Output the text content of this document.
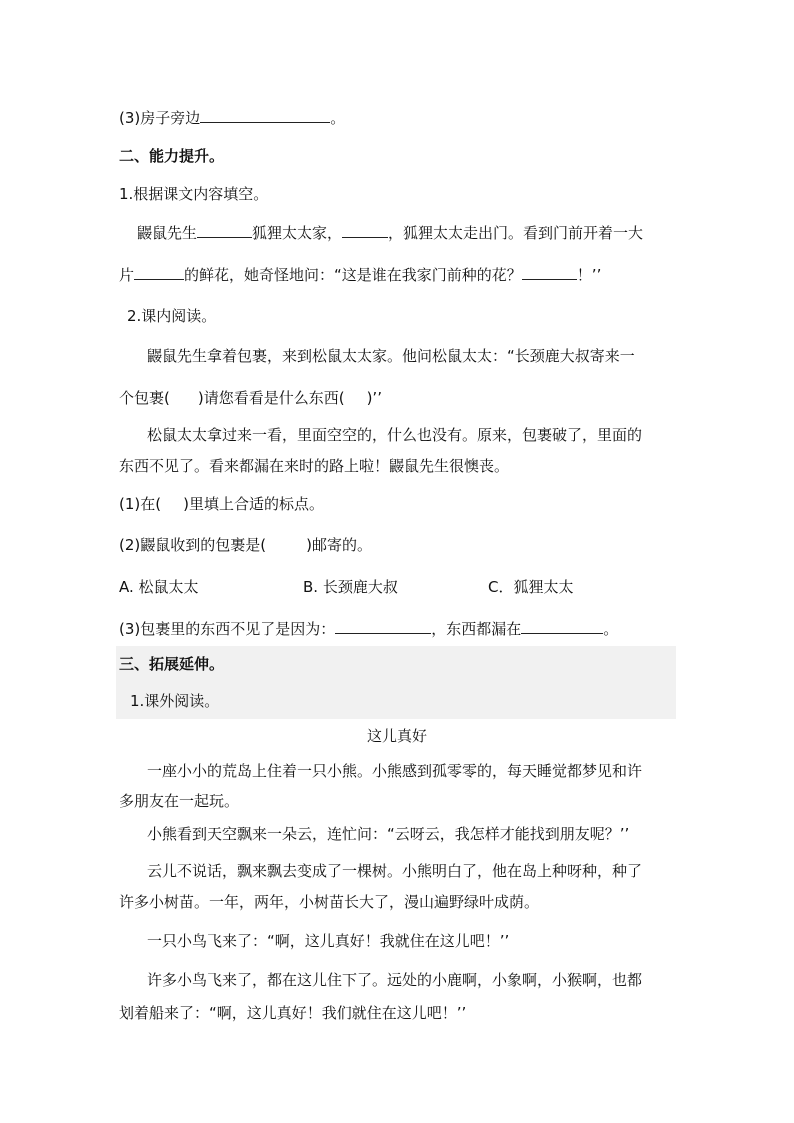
(3)房子旁边	。
二、能力提升。
1.根据课文内容填空。
鼹鼠先生	狐狸太太家，	，狐狸太太走出门。看到门前开着一大
片	的鲜花，她奇怪地问：“这是谁在我家门前种的花？	！’’
2.课内阅读。
鼹鼠先生拿着包裹，来到松鼠太太家。他问松鼠太太：“长颈鹿大叔寄来一
个包裹( )请您看看是什么东西( )’’
松鼠太太拿过来一看，里面空空的，什么也没有。原来，包裹破了，里面的
东西不见了。看来都漏在来时的路上啦！鼹鼠先生很懊丧。
(1)在( )里填上合适的标点。
(2)鼹鼠收到的包裹是(	)邮寄的。
A. 松鼠太太	B. 长颈鹿大叔	C．狐狸太太
(3)包裹里的东西不见了是因为：	，东西都漏在	。
三、拓展延伸。
1.课外阅读。
这儿真好
一座小小的荒岛上住着一只小熊。小熊感到孤零零的，每天睡觉都梦见和许
多朋友在一起玩。
小熊看到天空飘来一朵云，连忙问：“云呀云，我怎样才能找到朋友呢？’’
云儿不说话，飘来飘去变成了一棵树。小熊明白了，他在岛上种呀种，种了
许多小树苗。一年，两年，小树苗长大了，漫山遍野绿叶成荫。
一只小鸟飞来了：“啊，这儿真好！我就住在这儿吧！’’
许多小鸟飞来了，都在这儿住下了。远处的小鹿啊，小象啊，小猴啊，也都
划着船来了：“啊，这儿真好！我们就住在这儿吧！’’
